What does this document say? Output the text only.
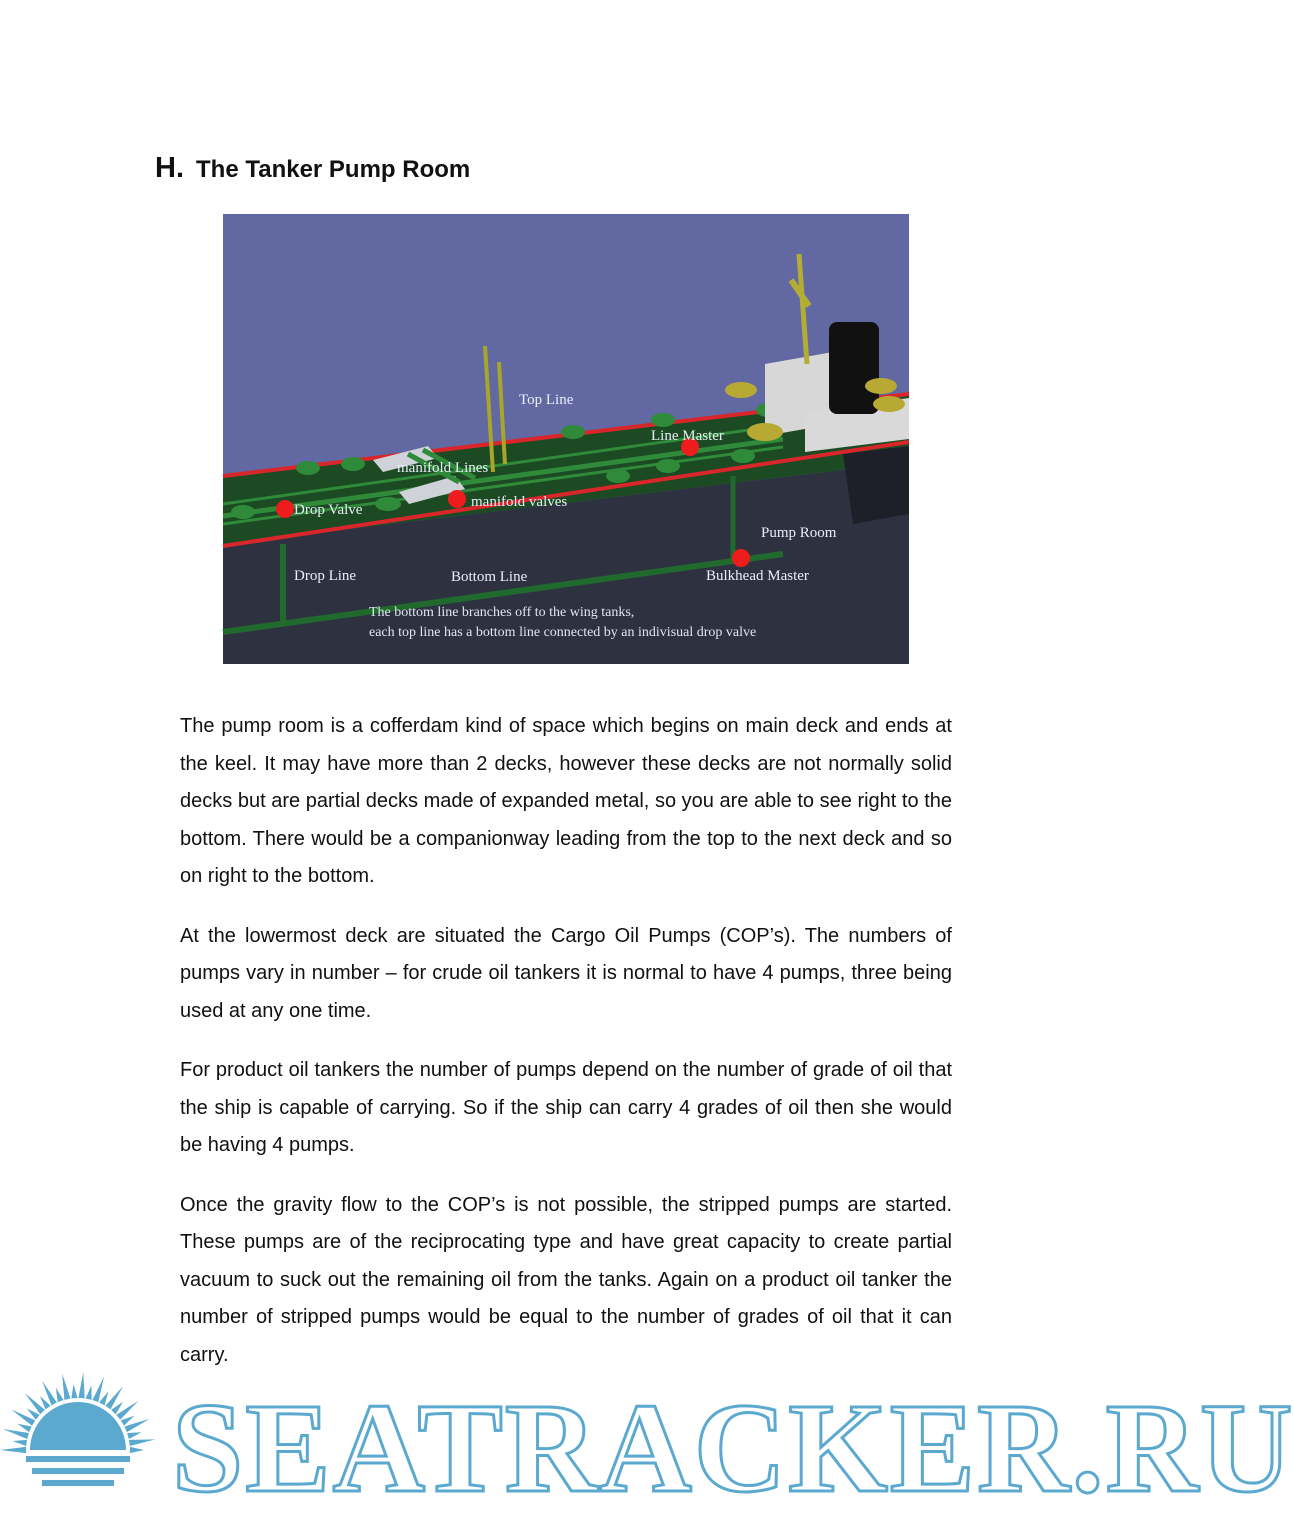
H. The Tanker Pump Room
Top Line
Line Master
manifold Lines
manifold valves
Drop Valve
Pump Room
Drop Line	Bottom Line	Bulkhead Master
The bottom line branches off to the wing tanks,
each top line has a bottom line connected by an indivisual drop valve

The pump room is a cofferdam kind of space which begins on main deck and ends at the keel. It may have more than 2 decks, however these decks are not normally solid decks but are partial decks made of expanded metal, so you are able to see right to the bottom. There would be a companionway leading from the top to the next deck and so on right to the bottom.

At the lowermost deck are situated the Cargo Oil Pumps (COP’s). The numbers of pumps vary in number – for crude oil tankers it is normal to have 4 pumps, three being used at any one time.

For product oil tankers the number of pumps depend on the number of grade of oil that the ship is capable of carrying. So if the ship can carry 4 grades of oil then she would be having 4 pumps.

Once the gravity flow to the COP’s is not possible, the stripped pumps are started. These pumps are of the reciprocating type and have great capacity to create partial vacuum to suck out the remaining oil from the tanks. Again on a product oil tanker the number of stripped pumps would be equal to the number of grades of oil that it can carry.

SEATRACKER.RU
